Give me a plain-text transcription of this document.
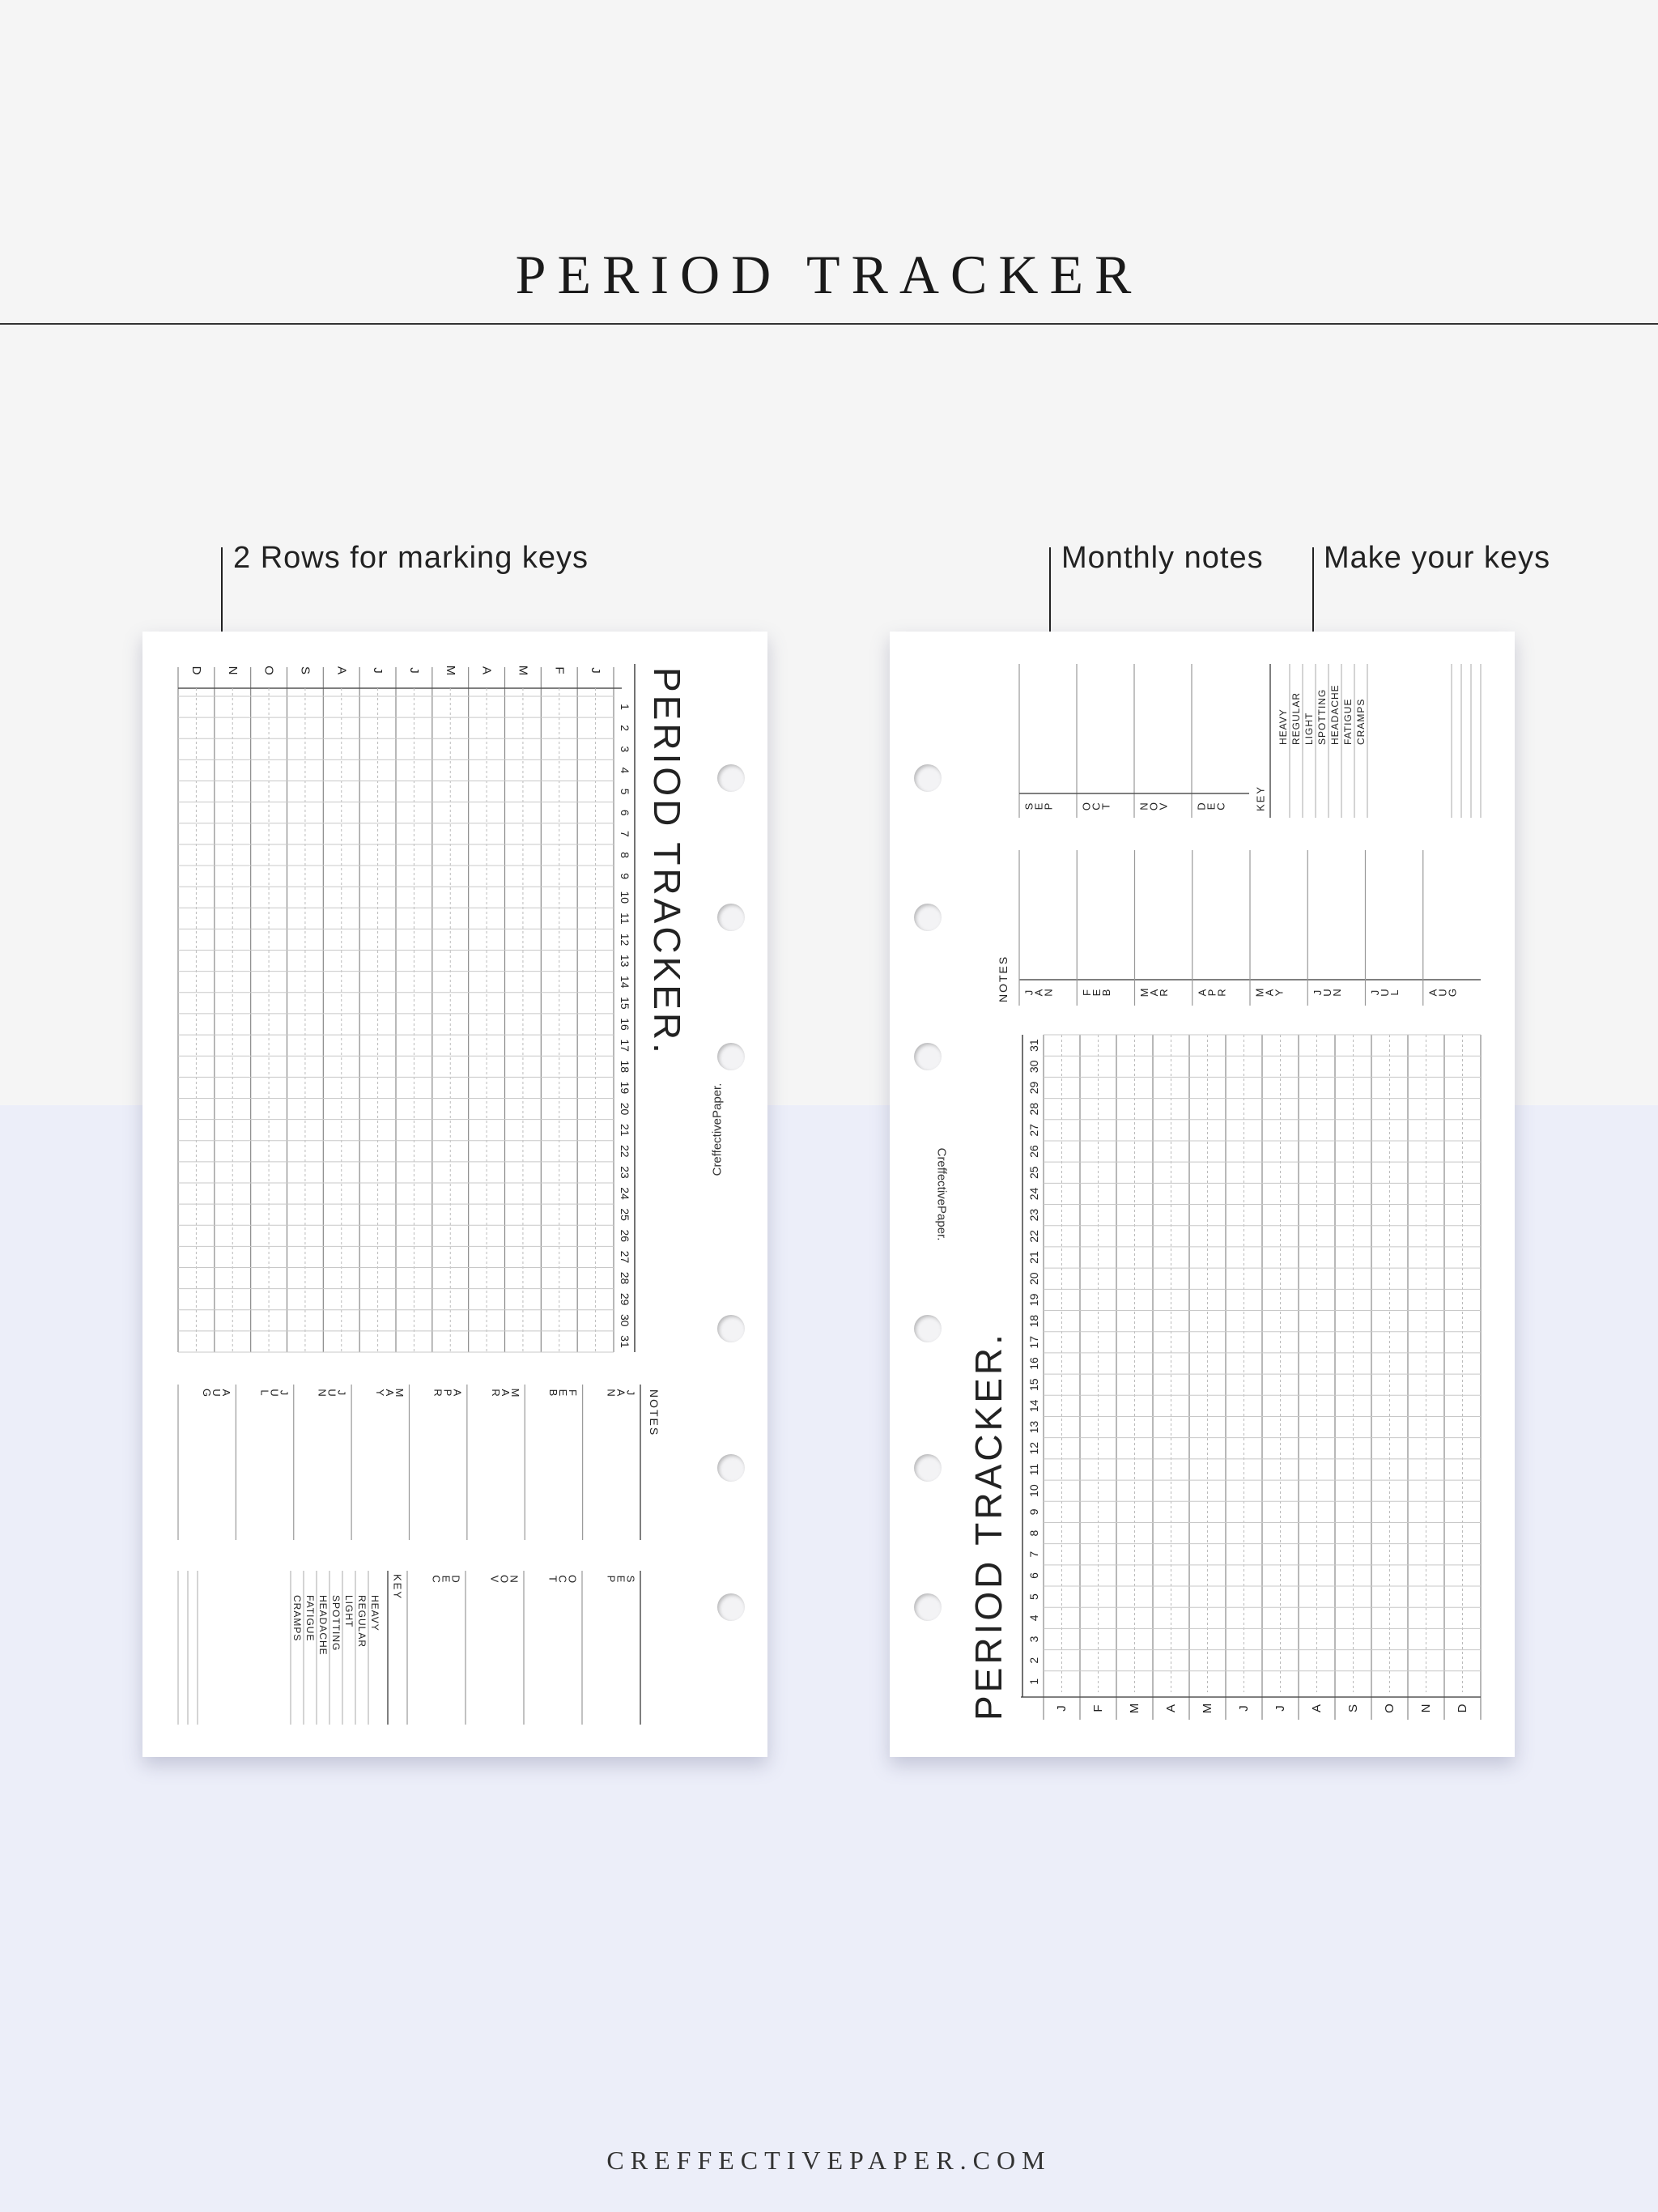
PERIOD TRACKER
2 Rows for marking keys	Monthly notes Make your keys
J
F
M
A
M
J
J
A
S
O
N
D
1
2
3
4
5
6
7
8
9
10
11
12
13
14
15
16
17
18
19
20
21
22
23
24
25
26
27
28
29
30
31
PERIOD TRACKER.
CreffectivePaper.
NOTES
J
A
N
F
E
B
M
A
R
A
P
R
M
A
Y
J
U
N
J
U
L
A
U
G
S
E
P
O
C
T
N
O
V
D
E
C
KEY
HEAVY
REGULAR
LIGHT
SPOTTING
HEADACHE
FATIGUE
CRAMPS
S
E
P O
C
T N
O
V D
E
C	KEY
HEAVY REGULAR LIGHT SPOTTING HEADACHE FATIGUE CRAMPS
NOTES J
A
N F
E
B M
A
R A
P
R M
A
Y J
U
N J
U
L A
U
G
J F M A M J J A S O N D
1
2
3
4
5
6
7
8
9
10
11
12
13
14
15
16
17
18
19
20
21
22
23
24
25
26
27
28
29
30
31
PERIOD TRACKER.
CreffectivePaper.
CREFFECTIVEPAPER.COM
